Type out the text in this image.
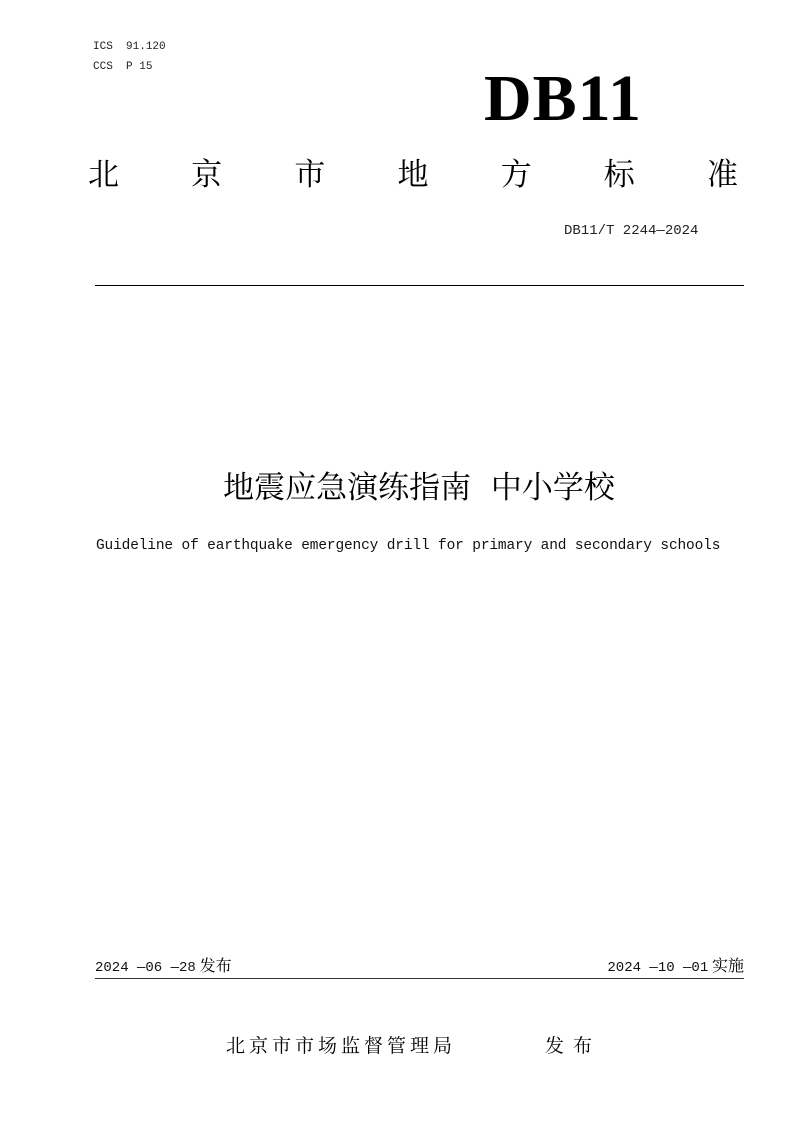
ICS 91.120
CCS P 15	DB11
北 京 市 地 方 标 准
DB11/T 2244—2024
地震应急演练指南  中小学校
Guideline of earthquake emergency drill for primary and secondary schools
2024 —06 —28 发布	2024 —10 —01 实施
北京市市场监督管理局	发布
